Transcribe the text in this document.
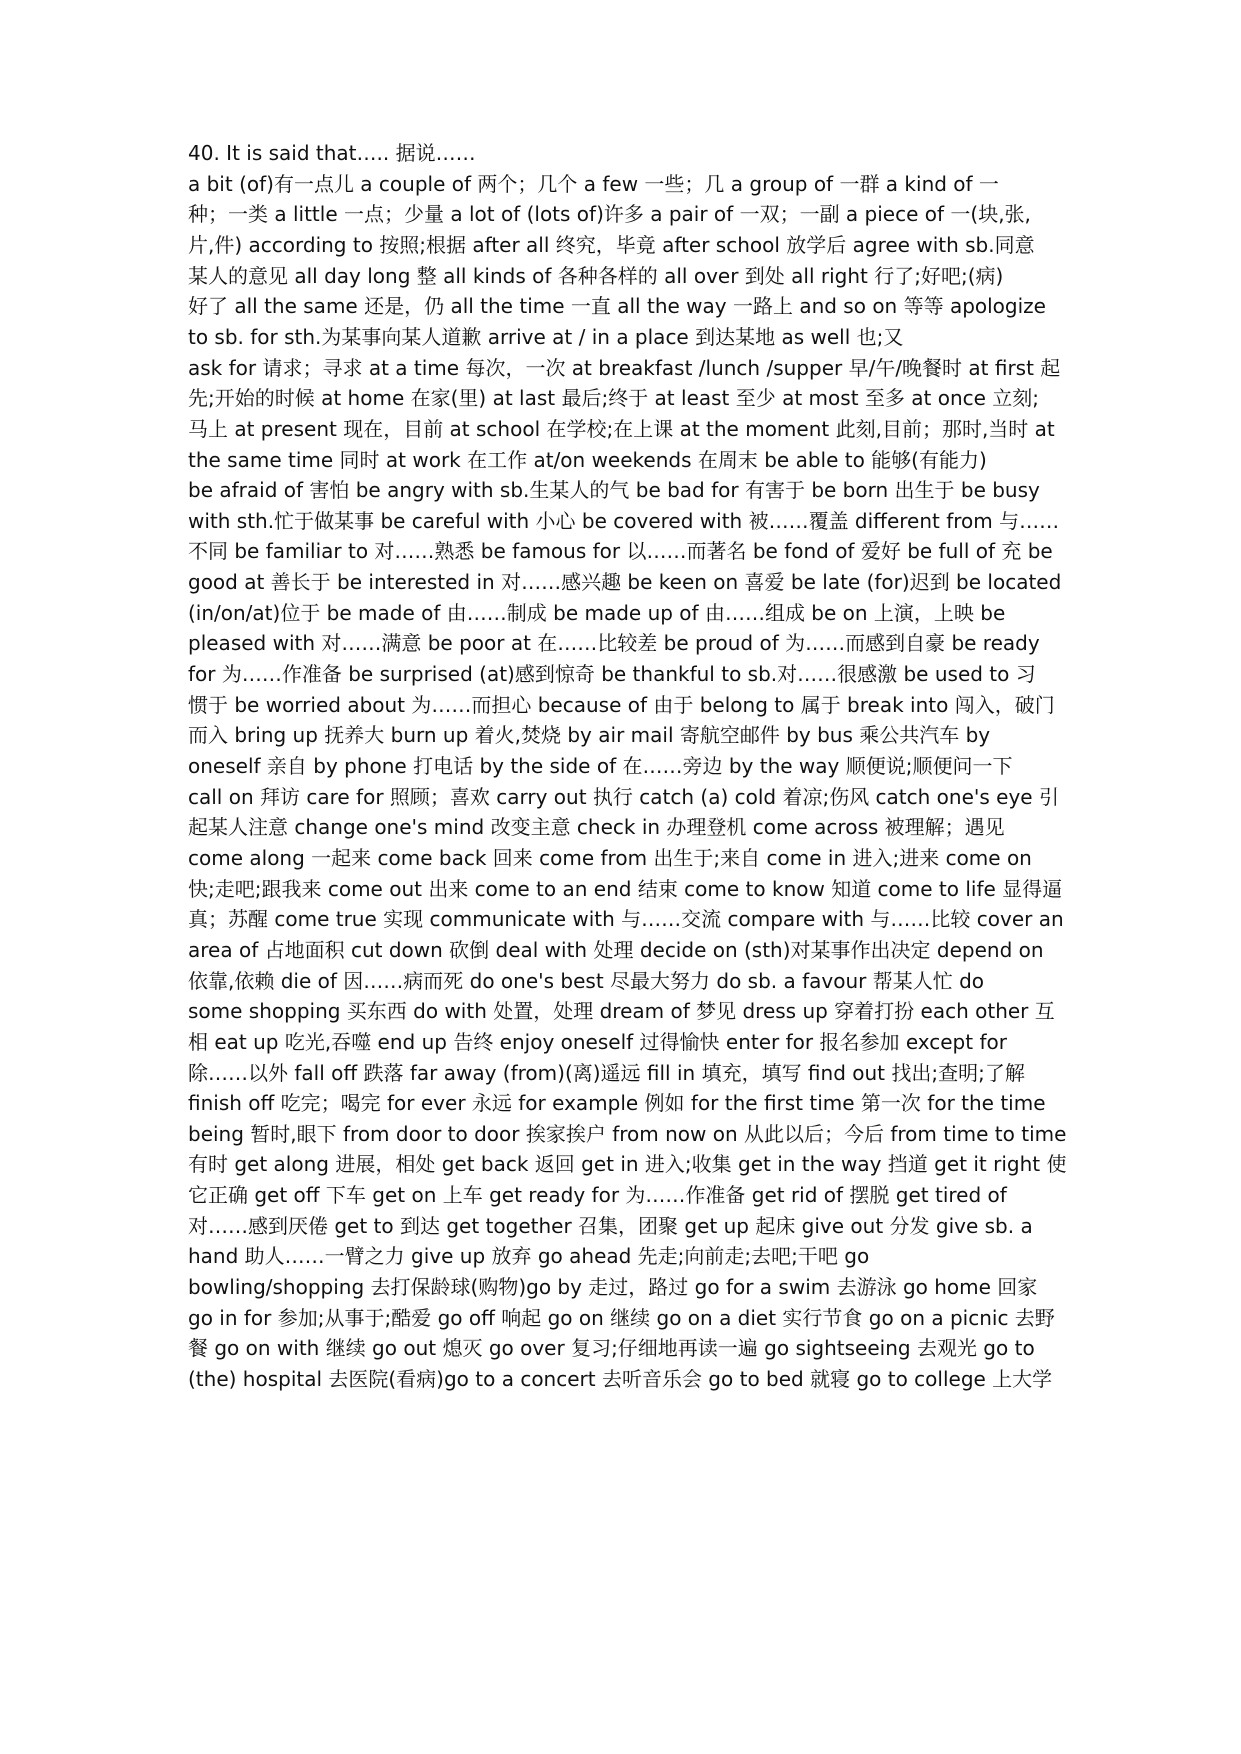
40. It is said that….. 据说……
a bit (of)有一点儿 a couple of 两个；几个 a few 一些；几 a group of 一群 a kind of 一
种；一类 a little 一点；少量 a lot of (lots of)许多 a pair of 一双；一副 a piece of 一(块,张,
片,件) according to 按照;根据 after all 终究，毕竟 after school 放学后 agree with sb.同意
某人的意见 all day long 整 all kinds of 各种各样的 all over 到处 all right 行了;好吧;(病)
好了 all the same 还是，仍 all the time 一直 all the way 一路上 and so on 等等 apologize
to sb. for sth.为某事向某人道歉 arrive at / in a place 到达某地 as well 也;又
ask for 请求；寻求 at a time 每次，一次 at breakfast /lunch /supper 早/午/晚餐时 at first 起
先;开始的时候 at home 在家(里) at last 最后;终于 at least 至少 at most 至多 at once 立刻;
马上 at present 现在，目前 at school 在学校;在上课 at the moment 此刻,目前；那时,当时 at
the same time 同时 at work 在工作 at/on weekends 在周末 be able to 能够(有能力)
be afraid of 害怕 be angry with sb.生某人的气 be bad for 有害于 be born 出生于 be busy
with sth.忙于做某事 be careful with 小心 be covered with 被……覆盖 different from 与……
不同 be familiar to 对……熟悉 be famous for 以……而著名 be fond of 爱好 be full of 充 be
good at 善长于 be interested in 对……感兴趣 be keen on 喜爱 be late (for)迟到 be located
(in/on/at)位于 be made of 由……制成 be made up of 由……组成 be on 上演，上映 be
pleased with 对……满意 be poor at 在……比较差 be proud of 为……而感到自豪 be ready
for 为……作准备 be surprised (at)感到惊奇 be thankful to sb.对……很感激 be used to 习
惯于 be worried about 为……而担心 because of 由于 belong to 属于 break into 闯入，破门
而入 bring up 抚养大 burn up 着火,焚烧 by air mail 寄航空邮件 by bus 乘公共汽车 by
oneself 亲自 by phone 打电话 by the side of 在……旁边 by the way 顺便说;顺便问一下
call on 拜访 care for 照顾；喜欢 carry out 执行 catch (a) cold 着凉;伤风 catch one's eye 引
起某人注意 change one's mind 改变主意 check in 办理登机 come across 被理解；遇见
come along 一起来 come back 回来 come from 出生于;来自 come in 进入;进来 come on
快;走吧;跟我来 come out 出来 come to an end 结束 come to know 知道 come to life 显得逼
真；苏醒 come true 实现 communicate with 与……交流 compare with 与……比较 cover an
area of 占地面积 cut down 砍倒 deal with 处理 decide on (sth)对某事作出决定 depend on
依靠,依赖 die of 因……病而死 do one's best 尽最大努力 do sb. a favour 帮某人忙 do
some shopping 买东西 do with 处置，处理 dream of 梦见 dress up 穿着打扮 each other 互
相 eat up 吃光,吞噬 end up 告终 enjoy oneself 过得愉快 enter for 报名参加 except for
除……以外 fall off 跌落 far away (from)(离)遥远 fill in 填充，填写 find out 找出;查明;了解
finish off 吃完；喝完 for ever 永远 for example 例如 for the first time 第一次 for the time
being 暂时,眼下 from door to door 挨家挨户 from now on 从此以后；今后 from time to time
有时 get along 进展，相处 get back 返回 get in 进入;收集 get in the way 挡道 get it right 使
它正确 get off 下车 get on 上车 get ready for 为……作准备 get rid of 摆脱 get tired of
对……感到厌倦 get to 到达 get together 召集，团聚 get up 起床 give out 分发 give sb. a
hand 助人……一臂之力 give up 放弃 go ahead 先走;向前走;去吧;干吧 go
bowling/shopping 去打保龄球(购物)go by 走过，路过 go for a swim 去游泳 go home 回家
go in for 参加;从事于;酷爱 go off 响起 go on 继续 go on a diet 实行节食 go on a picnic 去野
餐 go on with 继续 go out 熄灭 go over 复习;仔细地再读一遍 go sightseeing 去观光 go to
(the) hospital 去医院(看病)go to a concert 去听音乐会 go to bed 就寝 go to college 上大学
